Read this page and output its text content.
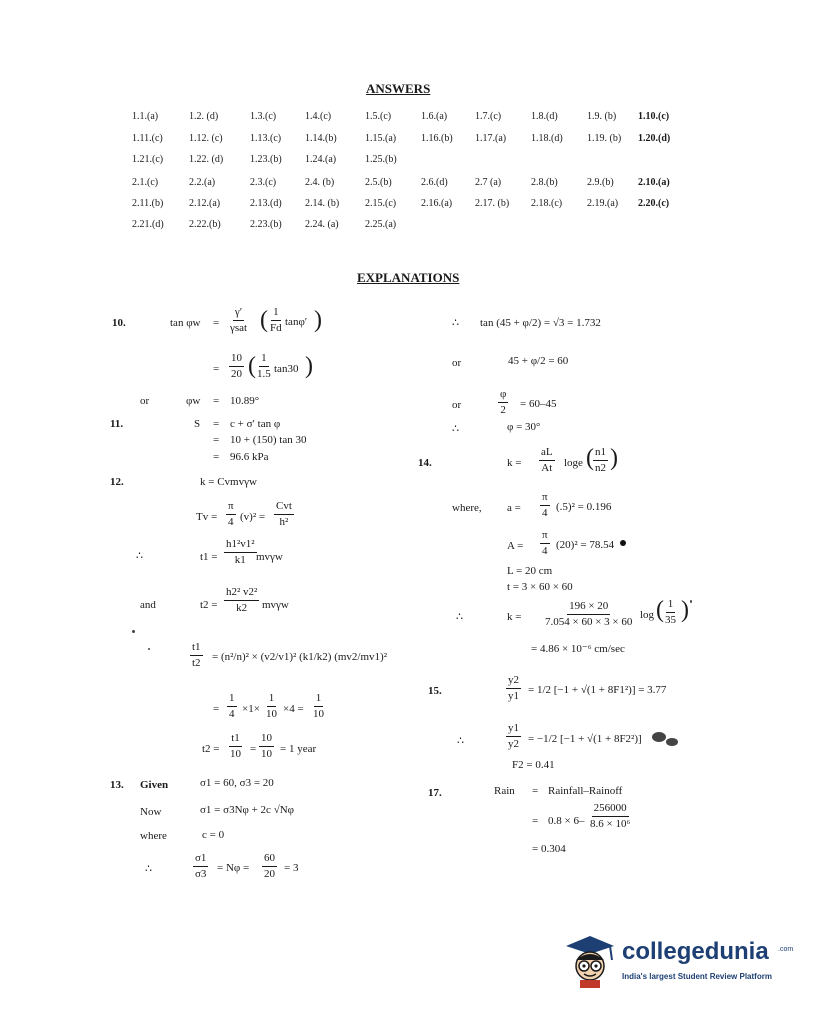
ANSWERS
1.1.(a)	1.2. (d)	1.3.(c)	1.4.(c)	1.5.(c)	1.6.(a)	1.7.(c)	1.8.(d)	1.9. (b) 1.10.(c)
1.11.(c)	1.12. (c)	1.13.(c) 1.14.(b)	1.15.(a) 1.16.(b) 1.17.(a) 1.18.(d) 1.19. (b) 1.20.(d)
1.21.(c)	1.22. (d)	1.23.(b) 1.24.(a)	1.25.(b)
2.1.(c)	2.2.(a)	2.3.(c)	2.4. (b)	2.5.(b)	2.6.(d)	2.7 (a)	2.8.(b)	2.9.(b) 2.10.(a)
2.11.(b)	2.12.(a)	2.13.(d) 2.14. (b)	2.15.(c) 2.16.(a) 2.17. (b) 2.18.(c) 2.19.(a) 2.20.(c)
2.21.(d)	2.22.(b)	2.23.(b) 2.24. (a)	2.25.(a)
EXPLANATIONS
10.	tan φw =
γ′
γsat ( $\frac{1}{Fd} \tan\varphi'$ )
= $\frac{10}{20}$ ( $\frac{1}{1.5} \tan 30$ )
or	φw = 10.89°
11.	S = c + σ′ tan φ
= 10 + (150) tan 30
= 96.6 kPa
12.	k = Cvmvγw
$Tv = \frac{\pi}{4} (v)^2$ =
Cvt
h²
∴	$t1 = \frac{\text{h1²v1²}}{k1}$ mvγw
and	$t2 = \frac{\text{h2² v2²}}{k2}$ mvγw
$\frac{t1}{t2} = (n^2/n)^2 \times (v2/v1)^2$ (k1/k2) (mv2/mv1)²
$\frac{1}{4}$
= $\times 1\times \frac{1}{10} \times 4 = \frac{1}{10}$
$t2 = \frac{t1}{10} = \frac{10}{10} = 1$ year
13. Given	σ1 = 60, σ3 = 20
Now	σ1 = σ3Nφ + 2c √Nφ
where	c = 0
∴	$\frac{\sigma 1}{\sigma 3} = N\varphi = \frac{60}{20} = 3$
∴ tan (45 + φ/2) = √3 = 1.732
or	45 + φ/2 = 60
or	$\frac{\varphi}{2} = 60-45$
∴	φ = 30°
14.	$k = \frac{aL}{At}$ loge ( $\frac{n1}{n2}$ )
where, $a = \frac{\pi}{4} (.5)^2 = 0.196$
$A = \frac{\pi}{4} (20)^2 = 78.54$
L = 20 cm
t = 3 × 60 × 60
∴	$k = \frac{196 \times 20}{7.054 \times 60 \times 3 \times 60}$ log ( $\frac{1}{35}$ )
= 4.86 × 10⁻⁶ cm/sec
15.	$\frac{y2}{y1} = 1/2$ [−1 + √(1 + 8F1²)] = 3.77
∴	$\frac{y1}{y2} = -1/2$ [−1 + √(1 + 8F2²)]
F2 = 0.41
17.	Rain = Rainfall–Rainoff
= $0.8 \times 6- \frac{256000}{\text{8.6 × 10⁶}}$
= 0.304
collegedunia .com
India's largest Student Review Platform
